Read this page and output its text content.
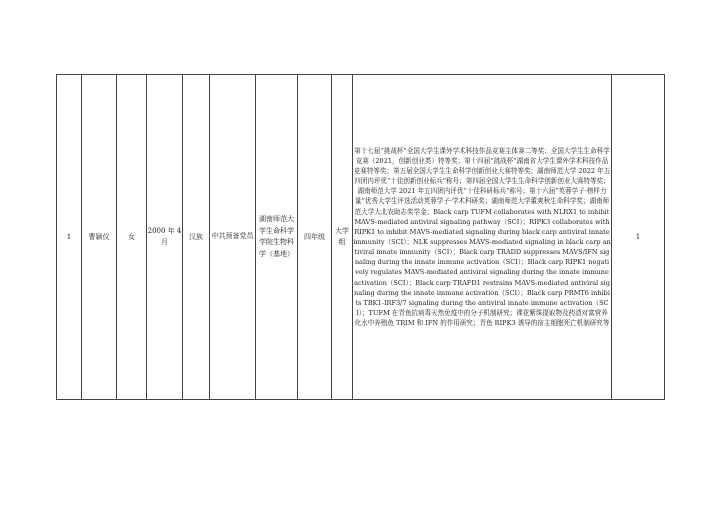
1	曹颖仪	女	2000 年 4 月	汉族	中共预备党员	湖南师范大学生命科学学院生物科学（基地）	四年级	大学组	第十七届“挑战杯”全国大学生课外学术科技作品竞赛主体赛二等奖；全国大学生生命科学竞赛（2021，创新创业类）特等奖；第十四届“挑战杯”湖南省大学生课外学术科技作品竞赛特等奖；第五届全国大学生生命科学创新创业大赛特等奖；湖南师范大学 2022 年五四团内评优“十佳创新创业标兵”称号；第四届全国大学生生命科学创新创业大赛特等奖；湖南师范大学 2021 年五四团内评优“十佳科研标兵”称号；第十六届“英蓉学子·榜样力量”优秀大学生评选活动英蓉学子·学术科研奖；湖南师范大学董爽秋生命科学奖；湖南师范大学大北农助志奖学金；Black carp TUFM collaborates with NLRX1 to inhibit MAVS-mediated antiviral signaling pathway（SCI）；RIPK3 collaborates with RIPK1 to inhibit MAVS-mediated signaling during black carp antiviral innate immunity（SCI）；NLK suppresses MAVS-mediated signaling in black carp antiviral innate immunity（SCI）；Black carp TRADD suppresses MAVS/IFN signaling during the innate immune activation（SCI）；Black carp RIPK1 negatively regulates MAVS-mediated antiviral signaling during the innate immune activation（SCI）；Black carp TRAFD1 restrains MAVS-mediated antiviral signaling during the innate immune activation（SCI）；Black carp PRMT6 inhibits TBK1-IRF3/7 signaling during the antiviral innate immune activation（SCI）；TUFM 在青鱼抗病毒天然免疫中的分子机制研究；裸花紫珠提取物及药渣对富营养化水中养殖鱼 TRIM 和 IFN 的作用研究；青鱼 RIPK3 诱导的宿主细胞死亡机制研究等	1
